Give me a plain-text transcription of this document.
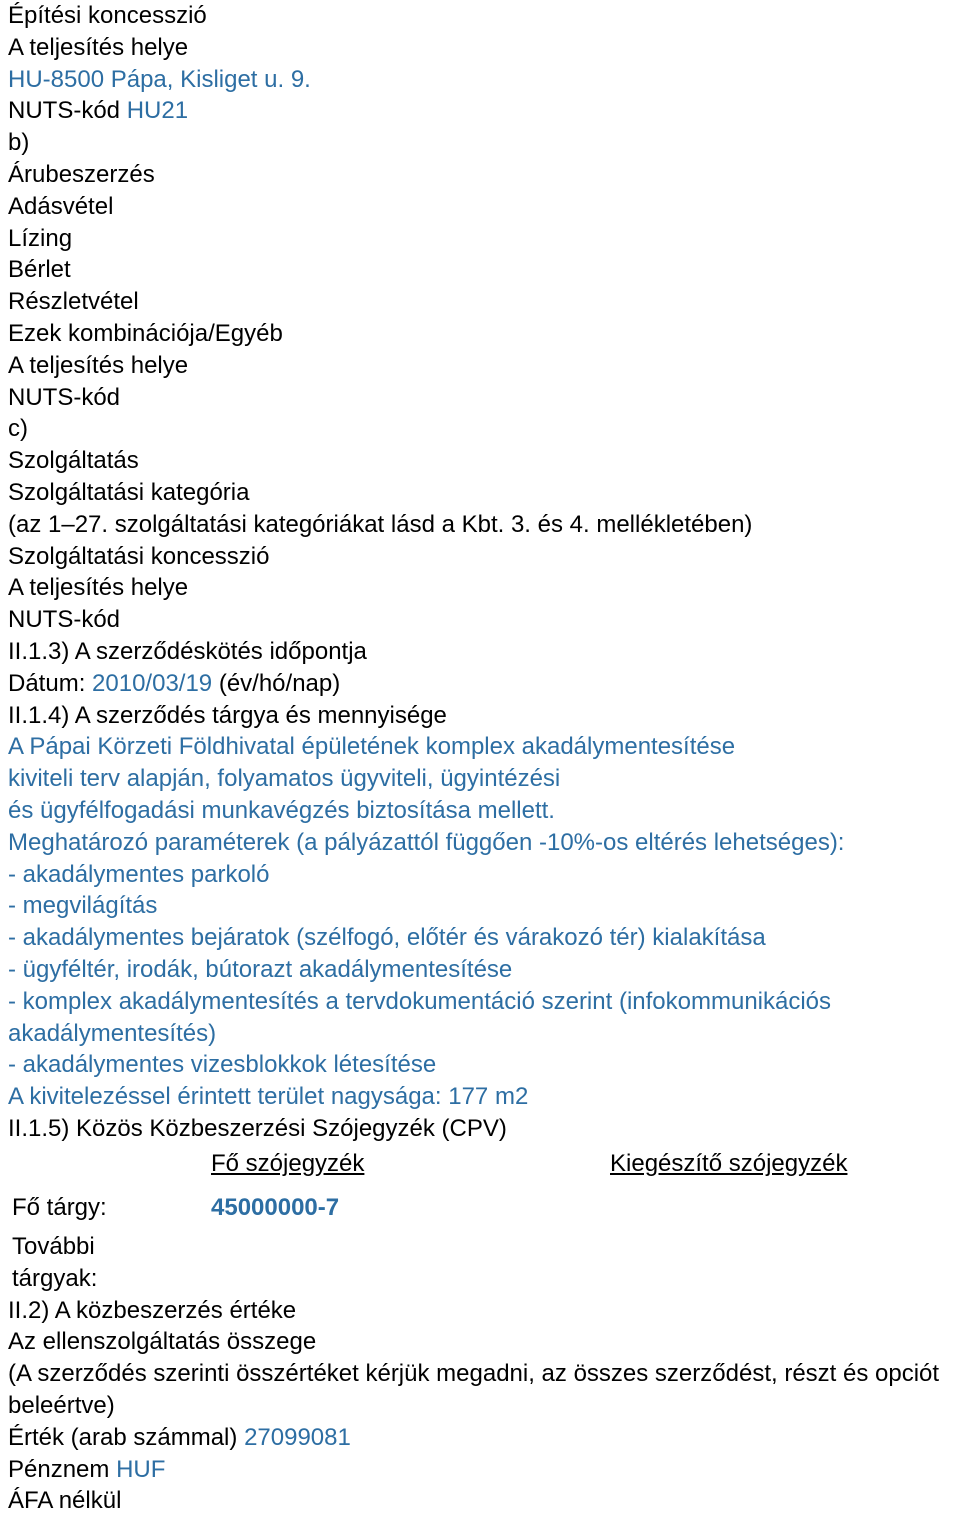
Építési koncesszió
A teljesítés helye
HU-8500 Pápa, Kisliget u. 9.
NUTS-kód HU21
b)
Árubeszerzés
Adásvétel
Lízing
Bérlet
Részletvétel
Ezek kombinációja/Egyéb
A teljesítés helye
NUTS-kód
c)
Szolgáltatás
Szolgáltatási kategória
(az 1–27. szolgáltatási kategóriákat lásd a Kbt. 3. és 4. mellékletében)
Szolgáltatási koncesszió
A teljesítés helye
NUTS-kód
II.1.3) A szerződéskötés időpontja
Dátum: 2010/03/19 (év/hó/nap)
II.1.4) A szerződés tárgya és mennyisége
A Pápai Körzeti Földhivatal épületének komplex akadálymentesítése
kiviteli terv alapján, folyamatos ügyviteli, ügyintézési
és ügyfélfogadási munkavégzés biztosítása mellett.
Meghatározó paraméterek (a pályázattól függően -10%-os eltérés lehetséges):
- akadálymentes parkoló
- megvilágítás
- akadálymentes bejáratok (szélfogó, előtér és várakozó tér) kialakítása
- ügyféltér, irodák, bútorazt akadálymentesítése
- komplex akadálymentesítés a tervdokumentáció szerint (infokommunikációs
akadálymentesítés)
- akadálymentes vizesblokkok létesítése
A kivitelezéssel érintett terület nagysága: 177 m2
II.1.5) Közös Közbeszerzési Szójegyzék (CPV)
Fő szójegyzék	Kiegészítő szójegyzék
Fő tárgy:	45000000-7
További
tárgyak:
II.2) A közbeszerzés értéke
Az ellenszolgáltatás összege
(A szerződés szerinti összértéket kérjük megadni, az összes szerződést, részt és opciót beleértve)
Érték (arab számmal) 27099081
Pénznem HUF
ÁFA nélkül
